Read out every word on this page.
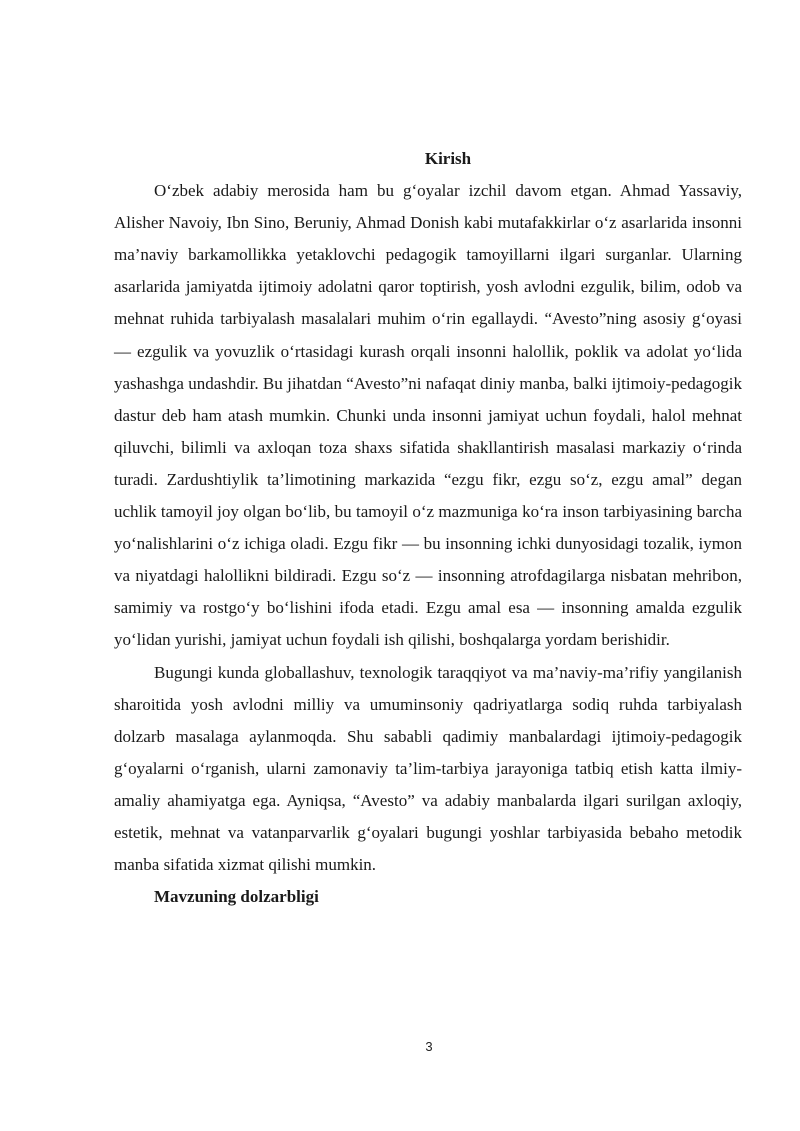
Kirish

O‘zbek adabiy merosida ham bu g‘oyalar izchil davom etgan. Ahmad Yassaviy, Alisher Navoiy, Ibn Sino, Beruniy, Ahmad Donish kabi mutafakkirlar o‘z asarlarida insonni ma’naviy barkamollikka yetaklovchi pedagogik tamoyillarni ilgari surganlar. Ularning asarlarida jamiyatda ijtimoiy adolatni qaror toptirish, yosh avlodni ezgulik, bilim, odob va mehnat ruhida tarbiyalash masalalari muhim o‘rin egallaydi. “Avesto”ning asosiy g‘oyasi — ezgulik va yovuzlik o‘rtasidagi kurash orqali insonni halollik, poklik va adolat yo‘lida yashashga undashdir. Bu jihatdan “Avesto”ni nafaqat diniy manba, balki ijtimoiy-pedagogik dastur deb ham atash mumkin. Chunki unda insonni jamiyat uchun foydali, halol mehnat qiluvchi, bilimli va axloqan toza shaxs sifatida shakllantirish masalasi markaziy o‘rinda turadi. Zardushtiylik ta’limotining markazida “ezgu fikr, ezgu so‘z, ezgu amal” degan uchlik tamoyil joy olgan bo‘lib, bu tamoyil o‘z mazmuniga ko‘ra inson tarbiyasining barcha yo‘nalishlarini o‘z ichiga oladi. Ezgu fikr — bu insonning ichki dunyosidagi tozalik, iymon va niyatdagi halollikni bildiradi. Ezgu so‘z — insonning atrofdagilarga nisbatan mehribon, samimiy va rostgo‘y bo‘lishini ifoda etadi. Ezgu amal esa — insonning amalda ezgulik yo‘lidan yurishi, jamiyat uchun foydali ish qilishi, boshqalarga yordam berishidir.

Bugungi kunda globallashuv, texnologik taraqqiyot va ma’naviy-ma’rifiy yangilanish sharoitida yosh avlodni milliy va umuminsoniy qadriyatlarga sodiq ruhda tarbiyalash dolzarb masalaga aylanmoqda. Shu sababli qadimiy manbalardagi ijtimoiy-pedagogik g‘oyalarni o‘rganish, ularni zamonaviy ta’lim-tarbiya jarayoniga tatbiq etish katta ilmiy-amaliy ahamiyatga ega. Ayniqsa, “Avesto” va adabiy manbalarda ilgari surilgan axloqiy, estetik, mehnat va vatanparvarlik g‘oyalari bugungi yoshlar tarbiyasida bebaho metodik manba sifatida xizmat qilishi mumkin.

Mavzuning dolzarbligi

3
